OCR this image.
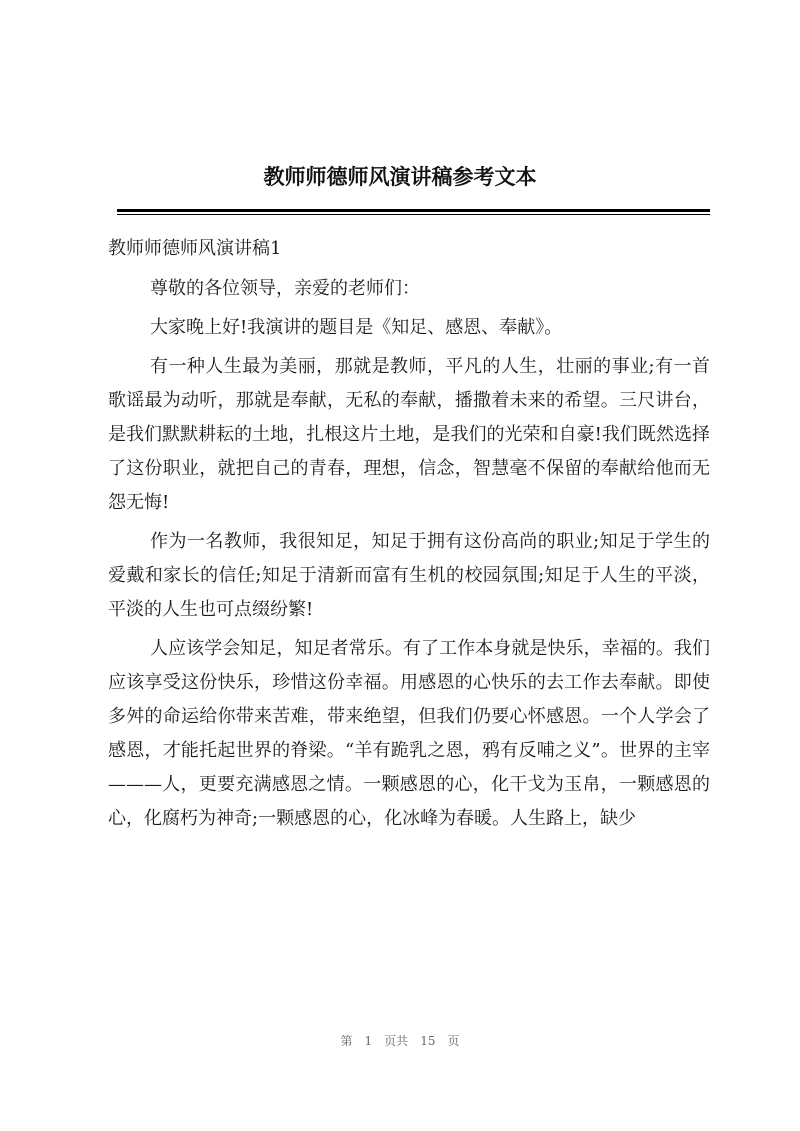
教师师德师风演讲稿参考文本
教师师德师风演讲稿1

尊敬的各位领导，亲爱的老师们：

大家晚上好!我演讲的题目是《知足、感恩、奉献》。

有一种人生最为美丽，那就是教师，平凡的人生，壮丽的事业;有一首歌谣最为动听，那就是奉献，无私的奉献，播撒着未来的希望。三尺讲台，是我们默默耕耘的土地，扎根这片土地，是我们的光荣和自豪!我们既然选择了这份职业，就把自己的青春，理想，信念，智慧毫不保留的奉献给他而无怨无悔!

作为一名教师，我很知足，知足于拥有这份高尚的职业;知足于学生的爱戴和家长的信任;知足于清新而富有生机的校园氛围;知足于人生的平淡，平淡的人生也可点缀纷繁!

人应该学会知足，知足者常乐。有了工作本身就是快乐，幸福的。我们应该享受这份快乐，珍惜这份幸福。用感恩的心快乐的去工作去奉献。即使多舛的命运给你带来苦难，带来绝望，但我们仍要心怀感恩。一个人学会了感恩，才能托起世界的脊梁。“羊有跪乳之恩，鸦有反哺之义”。世界的主宰———人，更要充满感恩之情。一颗感恩的心，化干戈为玉帛，一颗感恩的心，化腐朽为神奇;一颗感恩的心，化冰峰为春暖。人生路上，缺少

第 1 页共 15 页
